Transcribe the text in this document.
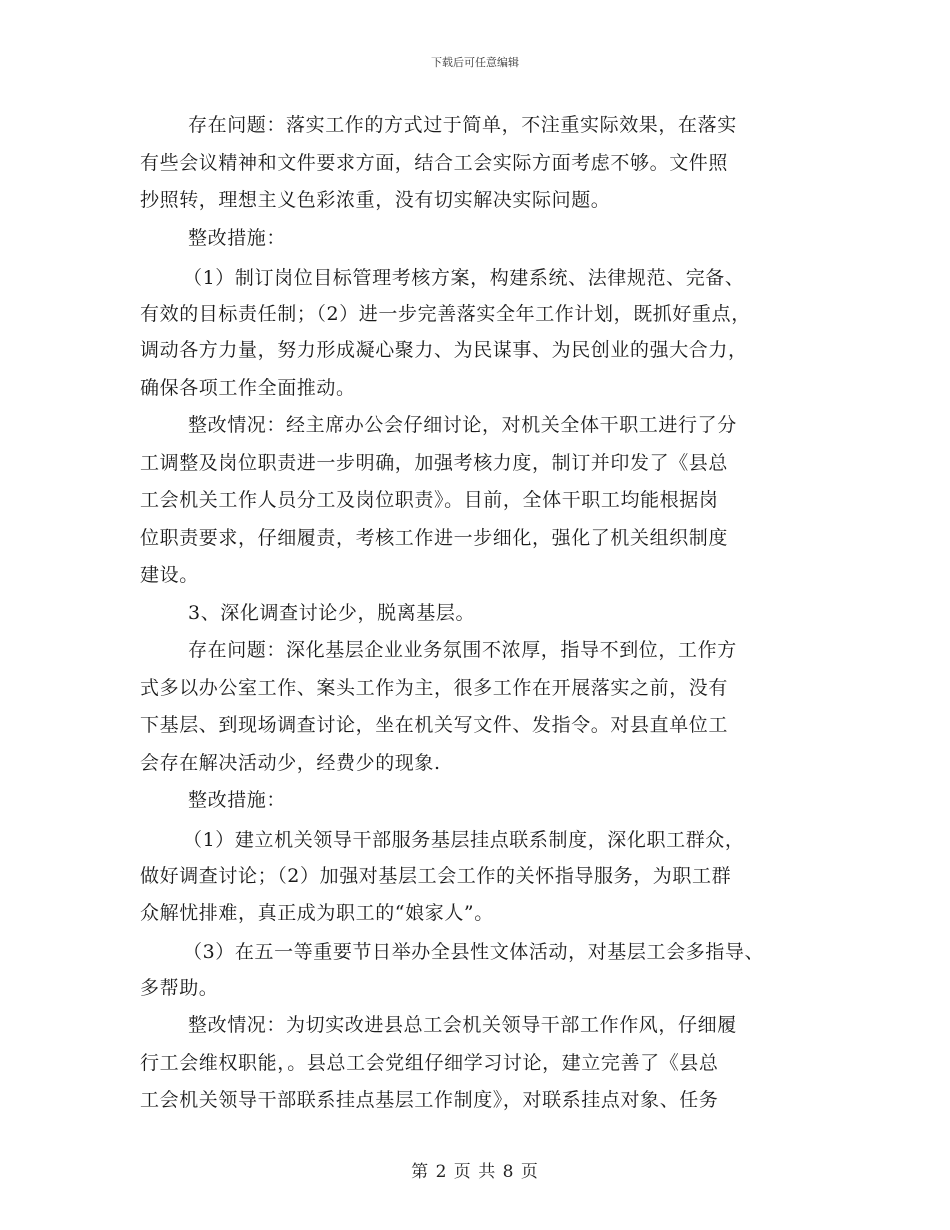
下载后可任意编辑
存在问题：落实工作的方式过于简单，不注重实际效果，在落实
有些会议精神和文件要求方面，结合工会实际方面考虑不够。文件照
抄照转，理想主义色彩浓重，没有切实解决实际问题。
整改措施：
（1）制订岗位目标管理考核方案，构建系统、法律规范、完备、
有效的目标责任制；（2）进一步完善落实全年工作计划，既抓好重点，
调动各方力量，努力形成凝心聚力、为民谋事、为民创业的强大合力，
确保各项工作全面推动。
整改情况：经主席办公会仔细讨论，对机关全体干职工进行了分
工调整及岗位职责进一步明确，加强考核力度，制订并印发了《县总
工会机关工作人员分工及岗位职责》。目前，全体干职工均能根据岗
位职责要求，仔细履责，考核工作进一步细化，强化了机关组织制度
建设。
3、深化调查讨论少，脱离基层。
存在问题：深化基层企业业务氛围不浓厚，指导不到位，工作方
式多以办公室工作、案头工作为主，很多工作在开展落实之前，没有
下基层、到现场调查讨论，坐在机关写文件、发指令。对县直单位工
会存在解决活动少，经费少的现象.
整改措施：
（1）建立机关领导干部服务基层挂点联系制度，深化职工群众，
做好调查讨论；（2）加强对基层工会工作的关怀指导服务，为职工群
众解忧排难，真正成为职工的“娘家人”。
（3）在五一等重要节日举办全县性文体活动，对基层工会多指导、
多帮助。
整改情况：为切实改进县总工会机关领导干部工作作风，仔细履
行工会维权职能，。县总工会党组仔细学习讨论，建立完善了《县总
工会机关领导干部联系挂点基层工作制度》，对联系挂点对象、任务
第 2 页 共 8 页
